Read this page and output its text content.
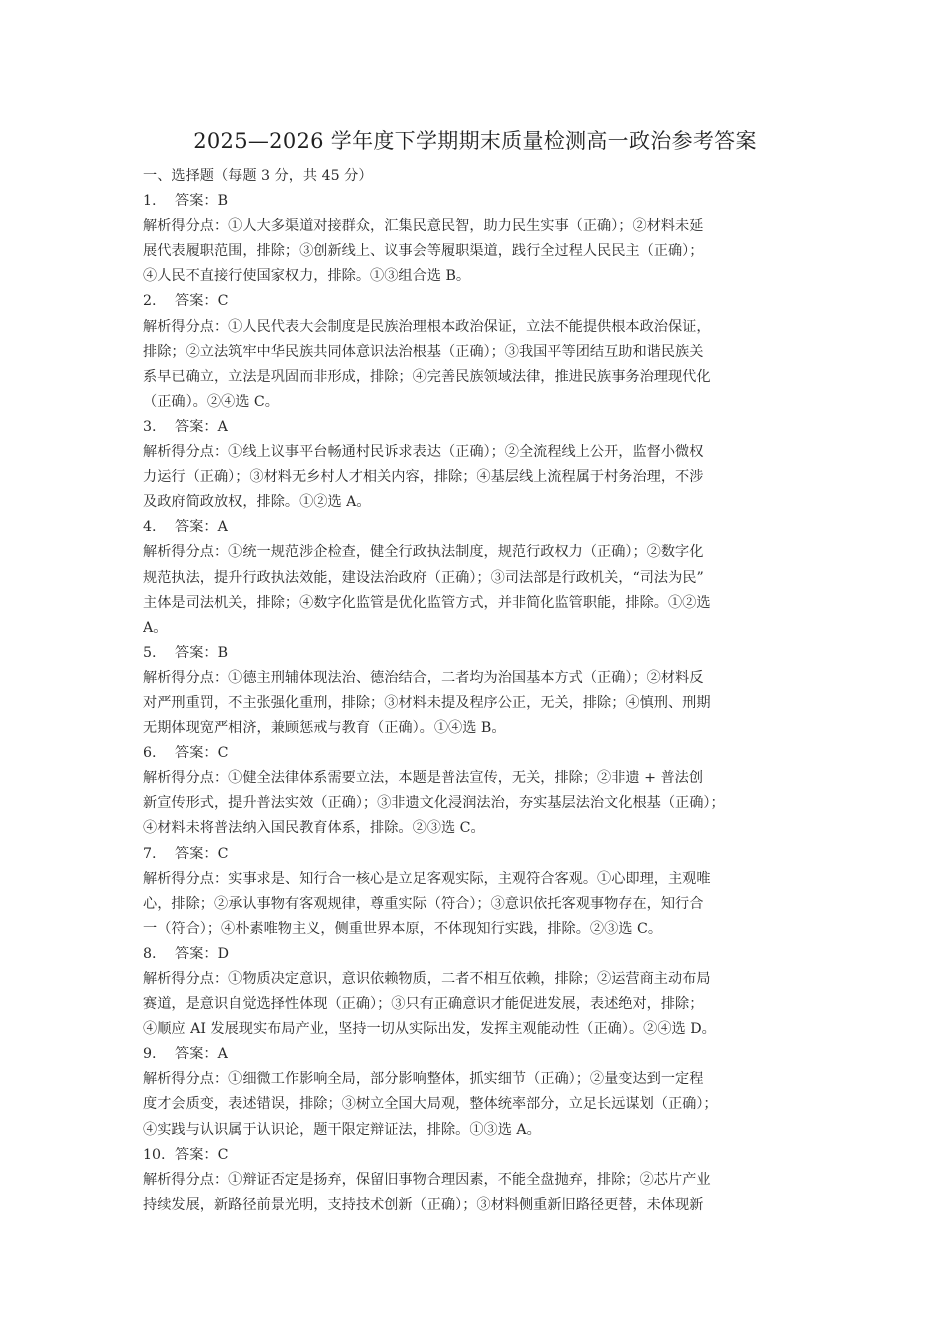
2025—2026 学年度下学期期末质量检测高一政治参考答案
一、选择题（每题 3 分，共 45 分）
1. 答案：B
解析得分点：①人大多渠道对接群众，汇集民意民智，助力民生实事（正确）；②材料未延
展代表履职范围，排除；③创新线上、议事会等履职渠道，践行全过程人民民主（正确）；
④人民不直接行使国家权力，排除。①③组合选 B。
2. 答案：C
解析得分点：①人民代表大会制度是民族治理根本政治保证，立法不能提供根本政治保证，
排除；②立法筑牢中华民族共同体意识法治根基（正确）；③我国平等团结互助和谐民族关
系早已确立，立法是巩固而非形成，排除；④完善民族领域法律，推进民族事务治理现代化
（正确）。②④选 C。
3. 答案：A
解析得分点：①线上议事平台畅通村民诉求表达（正确）；②全流程线上公开，监督小微权
力运行（正确）；③材料无乡村人才相关内容，排除；④基层线上流程属于村务治理，不涉
及政府简政放权，排除。①②选 A。
4. 答案：A
解析得分点：①统一规范涉企检查，健全行政执法制度，规范行政权力（正确）；②数字化
规范执法，提升行政执法效能，建设法治政府（正确）；③司法部是行政机关，“司法为民”
主体是司法机关，排除；④数字化监管是优化监管方式，并非简化监管职能，排除。①②选
A。
5. 答案：B
解析得分点：①德主刑辅体现法治、德治结合，二者均为治国基本方式（正确）；②材料反
对严刑重罚，不主张强化重刑，排除；③材料未提及程序公正，无关，排除；④慎刑、刑期
无期体现宽严相济，兼顾惩戒与教育（正确）。①④选 B。
6. 答案：C
解析得分点：①健全法律体系需要立法，本题是普法宣传，无关，排除；②非遗 + 普法创
新宣传形式，提升普法实效（正确）；③非遗文化浸润法治，夯实基层法治文化根基（正确）；
④材料未将普法纳入国民教育体系，排除。②③选 C。
7. 答案：C
解析得分点：实事求是、知行合一核心是立足客观实际，主观符合客观。①心即理，主观唯
心，排除；②承认事物有客观规律，尊重实际（符合）；③意识依托客观事物存在，知行合
一（符合）；④朴素唯物主义，侧重世界本原，不体现知行实践，排除。②③选 C。
8. 答案：D
解析得分点：①物质决定意识，意识依赖物质，二者不相互依赖，排除；②运营商主动布局
赛道，是意识自觉选择性体现（正确）；③只有正确意识才能促进发展，表述绝对，排除；
④顺应 AI 发展现实布局产业，坚持一切从实际出发，发挥主观能动性（正确）。②④选 D。
9. 答案：A
解析得分点：①细微工作影响全局，部分影响整体，抓实细节（正确）；②量变达到一定程
度才会质变，表述错误，排除；③树立全国大局观，整体统率部分，立足长远谋划（正确）；
④实践与认识属于认识论，题干限定辩证法，排除。①③选 A。
10. 答案：C
解析得分点：①辩证否定是扬弃，保留旧事物合理因素，不能全盘抛弃，排除；②芯片产业
持续发展，新路径前景光明，支持技术创新（正确）；③材料侧重新旧路径更替，未体现新
